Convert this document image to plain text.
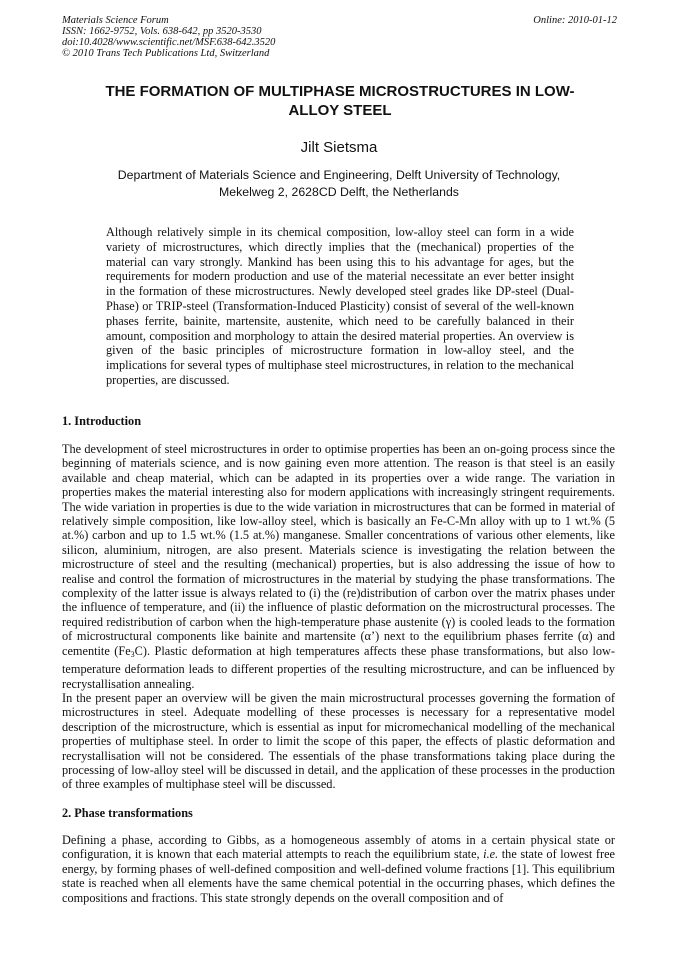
Materials Science Forum
ISSN: 1662-9752, Vols. 638-642, pp 3520-3530
doi:10.4028/www.scientific.net/MSF.638-642.3520
© 2010 Trans Tech Publications Ltd, Switzerland
Online: 2010-01-12
THE FORMATION OF MULTIPHASE MICROSTRUCTURES IN LOW-
ALLOY STEEL
Jilt Sietsma
Department of Materials Science and Engineering, Delft University of Technology,
Mekelweg 2, 2628CD Delft, the Netherlands
Although relatively simple in its chemical composition, low-alloy steel can form in a wide variety of microstructures, which directly implies that the (mechanical) properties of the material can vary strongly. Mankind has been using this to his advantage for ages, but the requirements for modern production and use of the material necessitate an ever better insight in the formation of these microstructures. Newly developed steel grades like DP-steel (Dual-Phase) or TRIP-steel (Transformation-Induced Plasticity) consist of several of the well-known phases ferrite, bainite, martensite, austenite, which need to be carefully balanced in their amount, composition and morphology to attain the desired material properties. An overview is given of the basic principles of microstructure formation in low-alloy steel, and the implications for several types of multiphase steel microstructures, in relation to the mechanical properties, are discussed.
1. Introduction

The development of steel microstructures in order to optimise properties has been an on-going process since the beginning of materials science, and is now gaining even more attention. The reason is that steel is an easily available and cheap material, which can be adapted in its properties over a wide range. The variation in properties makes the material interesting also for modern applications with increasingly stringent requirements. The wide variation in properties is due to the wide variation in microstructures that can be formed in material of relatively simple composition, like low-alloy steel, which is basically an Fe-C-Mn alloy with up to 1 wt.% (5 at.%) carbon and up to 1.5 wt.% (1.5 at.%) manganese. Smaller concentrations of various other elements, like silicon, aluminium, nitrogen, are also present. Materials science is investigating the relation between the microstructure of steel and the resulting (mechanical) properties, but is also addressing the issue of how to realise and control the formation of microstructures in the material by studying the phase transformations. The complexity of the latter issue is always related to (i) the (re)distribution of carbon over the matrix phases under the influence of temperature, and (ii) the influence of plastic deformation on the microstructural processes. The required redistribution of carbon when the high-temperature phase austenite (γ) is cooled leads to the formation of microstructural components like bainite and martensite (α’) next to the equilibrium phases ferrite (α) and cementite $(Fe_3C)$. Plastic deformation at high temperatures affects these phase transformations, but also low-temperature deformation leads to different properties of the resulting microstructure, and can be influenced by recrystallisation annealing.

In the present paper an overview will be given the main microstructural processes governing the formation of microstructures in steel. Adequate modelling of these processes is necessary for a representative model description of the microstructure, which is essential as input for micromechanical modelling of the mechanical properties of multiphase steel. In order to limit the scope of this paper, the effects of plastic deformation and recrystallisation will not be considered. The essentials of the phase transformations taking place during the processing of low-alloy steel will be discussed in detail, and the application of these processes in the production of three examples of multiphase steel will be discussed.

2. Phase transformations

Defining a phase, according to Gibbs, as a homogeneous assembly of atoms in a certain physical state or configuration, it is known that each material attempts to reach the equilibrium state, i.e. the state of lowest free energy, by forming phases of well-defined composition and well-defined volume fractions [1]. This equilibrium state is reached when all elements have the same chemical potential in the occurring phases, which defines the compositions and fractions. This state strongly depends on the overall composition and of
